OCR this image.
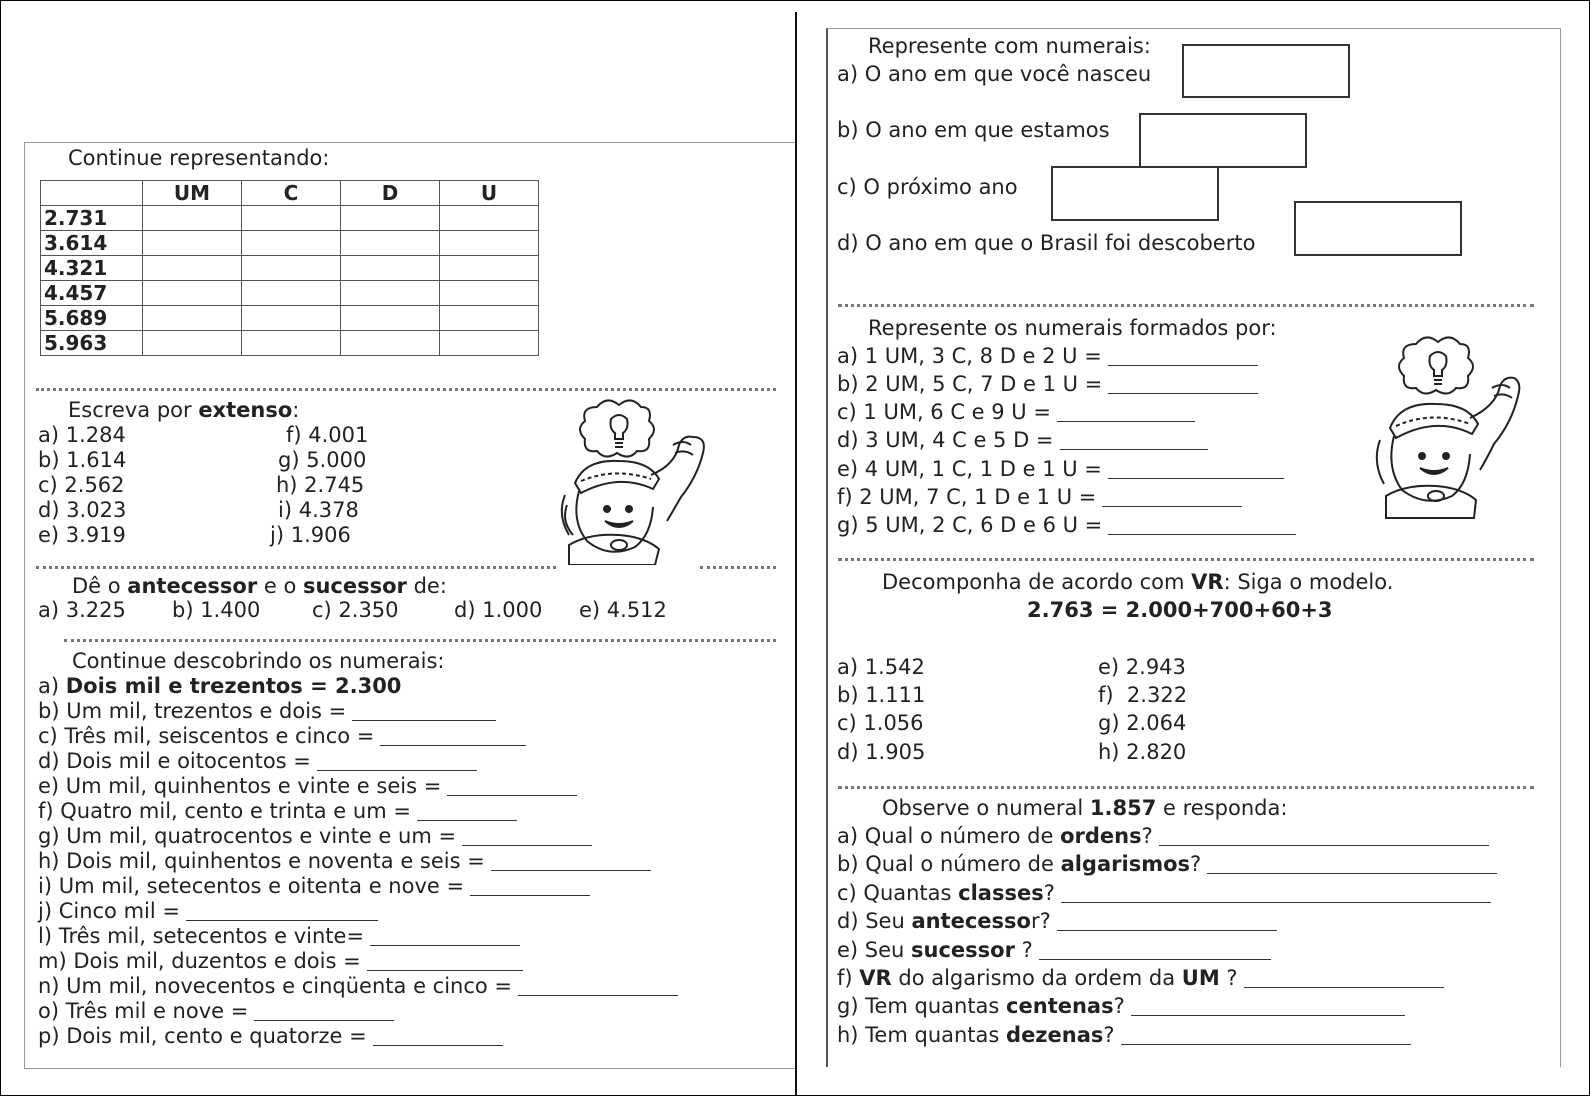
Continue representando:
	UM	C	D	U
2.731				
3.614				
4.321				
4.457				
5.689				
5.963				
Escreva por extenso:
a) 1.284
b) 1.614
c) 2.562
d) 3.023
e) 3.919
f) 4.001
g) 5.000
h) 2.745
i) 4.378
j) 1.906
Dê o antecessor e o sucessor de:
a) 3.225 b) 1.400 c) 2.350	d) 1.000 e) 4.512
Continue descobrindo os numerais:
a) Dois mil e trezentos = 2.300
b) Um mil, trezentos e dois =
c) Três mil, seiscentos e cinco =
d) Dois mil e oitocentos =
e) Um mil, quinhentos e vinte e seis =
f) Quatro mil, cento e trinta e um =
g) Um mil, quatrocentos e vinte e um =
h) Dois mil, quinhentos e noventa e seis =
i) Um mil, setecentos e oitenta e nove =
j) Cinco mil =
l) Três mil, setecentos e vinte=
m) Dois mil, duzentos e dois =
n) Um mil, novecentos e cinqüenta e cinco =
o) Três mil e nove =
p) Dois mil, cento e quatorze =
Represente com numerais:
a) O ano em que você nasceu
b) O ano em que estamos
c) O próximo ano
d) O ano em que o Brasil foi descoberto
Represente os numerais formados por:
a) 1 UM, 3 C, 8 D e 2 U =
b) 2 UM, 5 C, 7 D e 1 U =
c) 1 UM, 6 C e 9 U =
d) 3 UM, 4 C e 5 D =
e) 4 UM, 1 C, 1 D e 1 U =
f) 2 UM, 7 C, 1 D e 1 U =
g) 5 UM, 2 C, 6 D e 6 U =
Decomponha de acordo com VR: Siga o modelo.
2.763 = 2.000+700+60+3
a) 1.542
b) 1.111
c) 1.056
d) 1.905
e) 2.943
f)  2.322
g) 2.064
h) 2.820
Observe o numeral 1.857 e responda:
a) Qual o número de ordens?
b) Qual o número de algarismos?
c) Quantas classes?
d) Seu antecessor?
e) Seu sucessor ?
f) VR do algarismo da ordem da UM ?
g) Tem quantas centenas?
h) Tem quantas dezenas?
